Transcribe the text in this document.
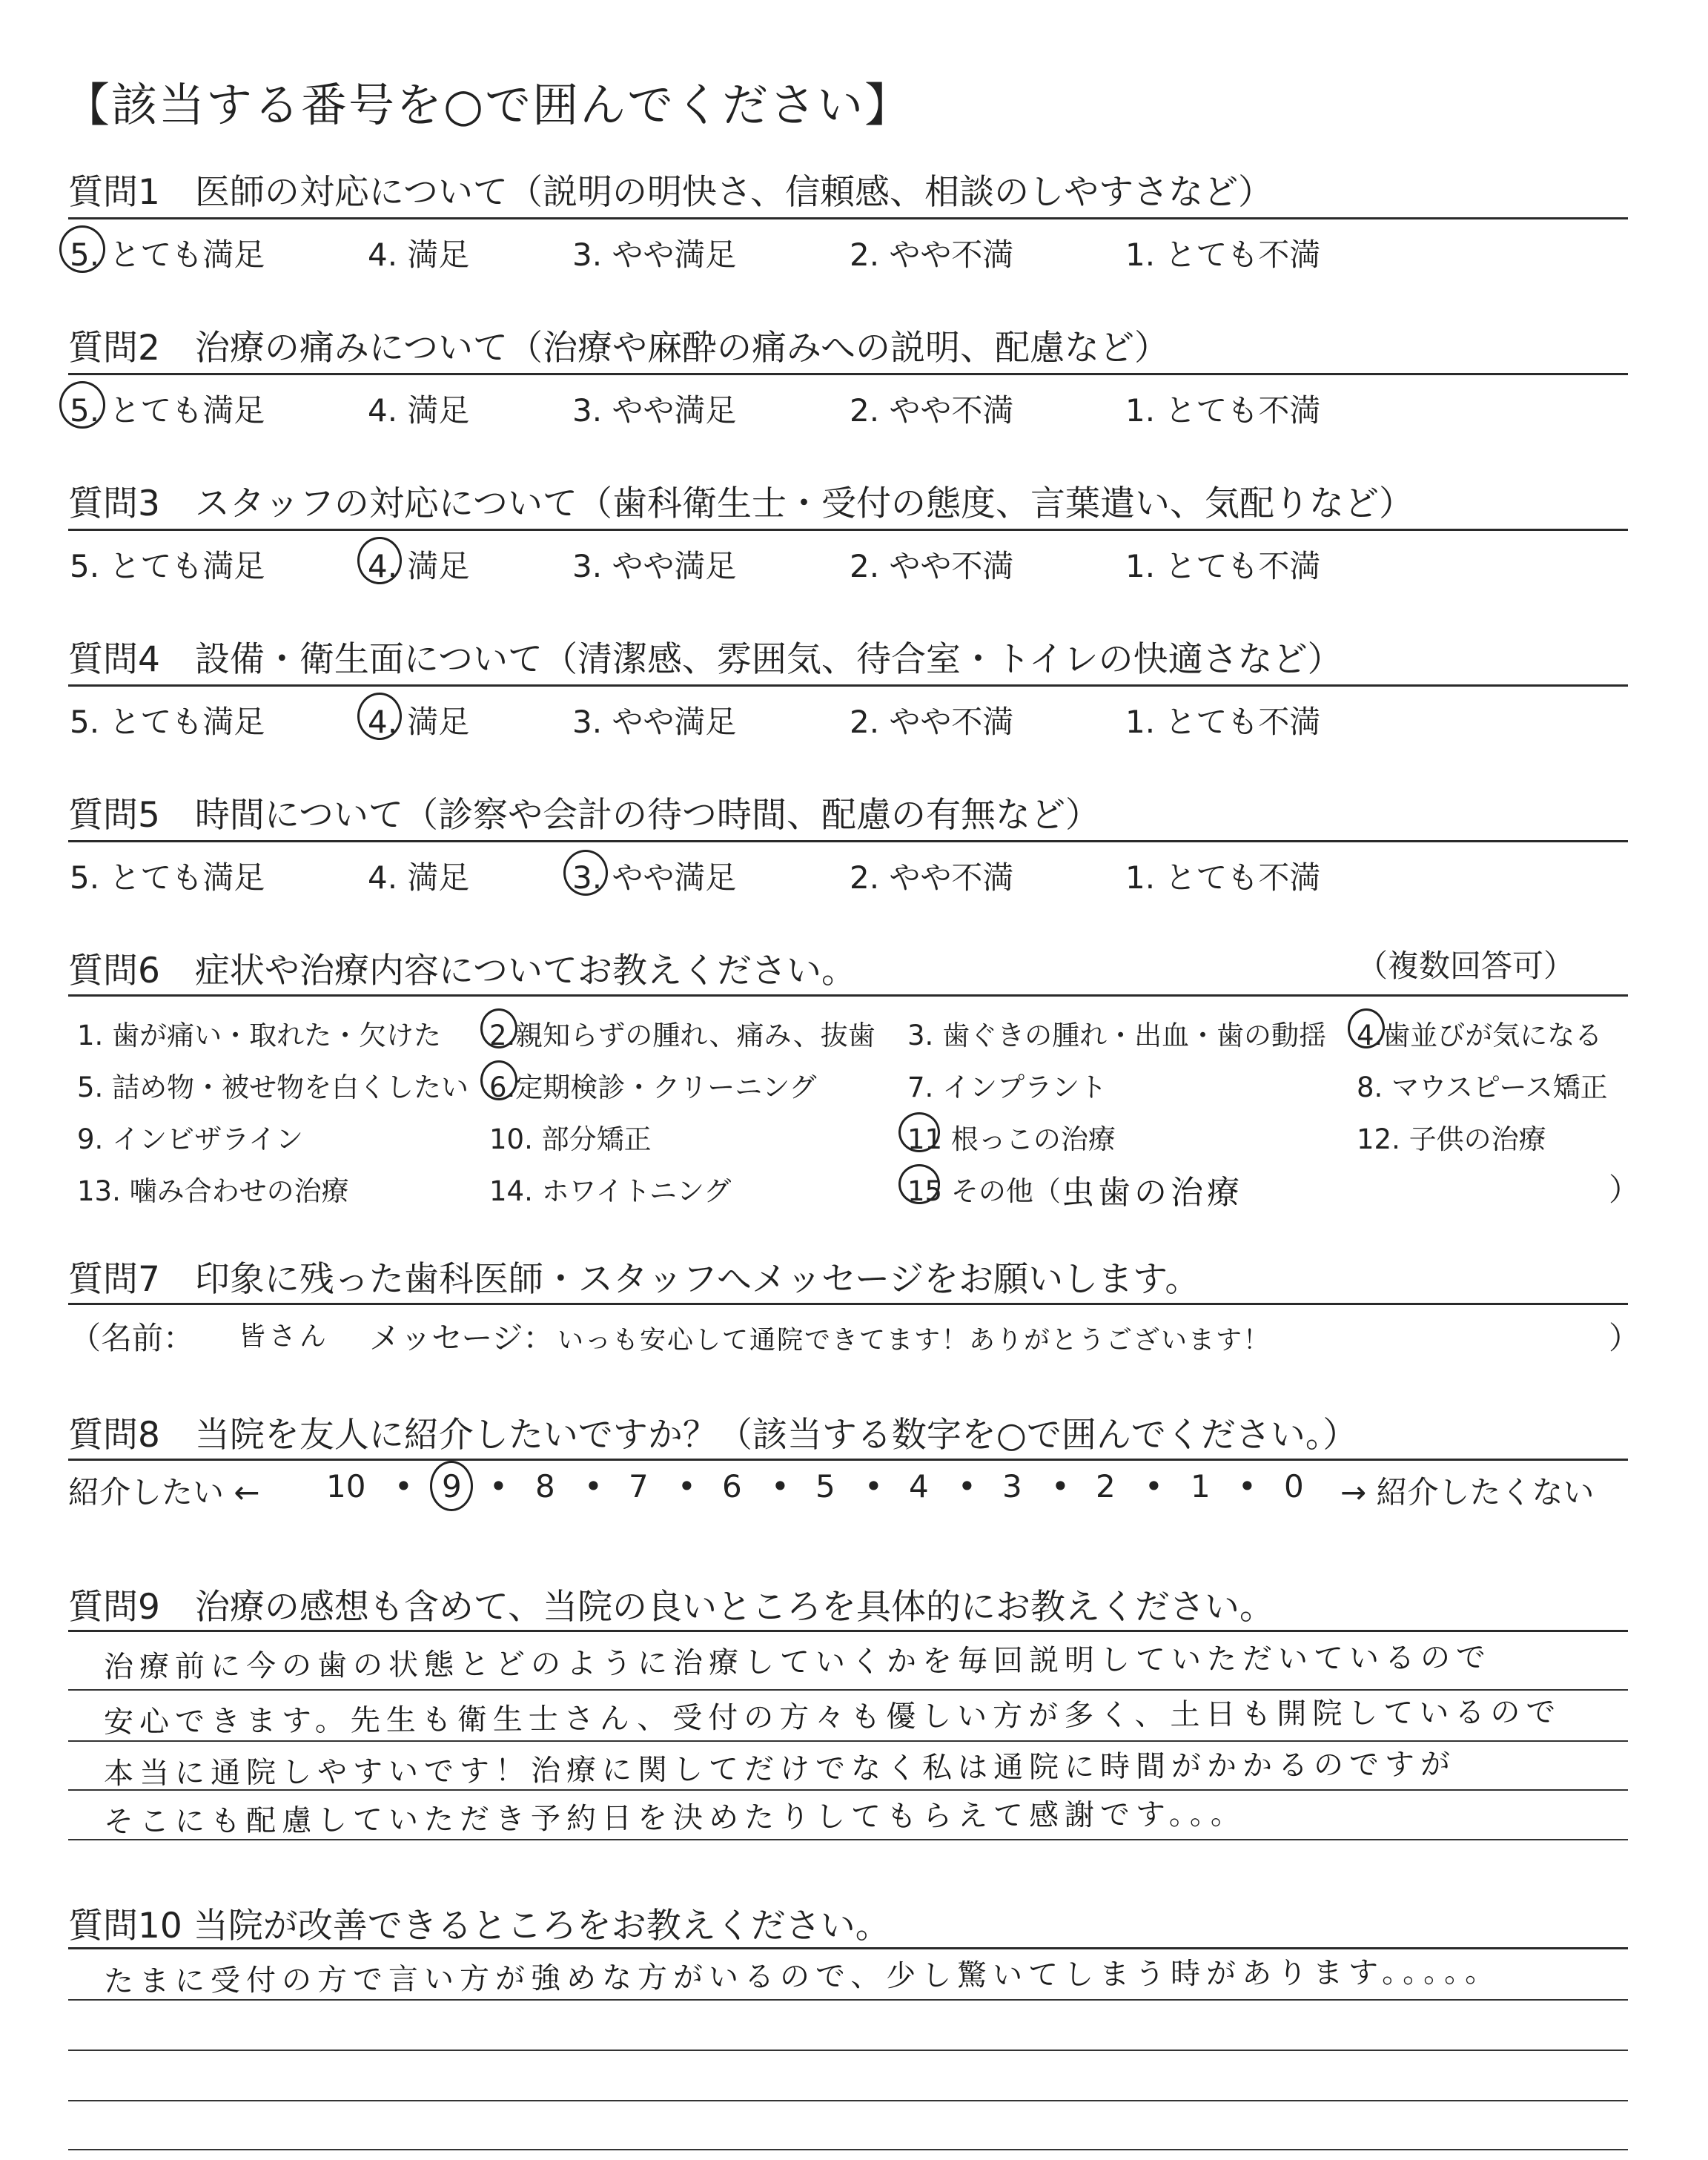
【該当する番号を○で囲んでください】
質問1　医師の対応について（説明の明快さ、信頼感、相談のしやすさなど）
5. とても満足	4. 満足	3. やや満足	2. やや不満	1. とても不満
質問2　治療の痛みについて（治療や麻酔の痛みへの説明、配慮など）
5. とても満足	4. 満足	3. やや満足	2. やや不満	1. とても不満
質問3　スタッフの対応について（歯科衛生士・受付の態度、言葉遣い、気配りなど）
5. とても満足	4. 満足	3. やや満足	2. やや不満	1. とても不満
質問4　設備・衛生面について（清潔感、雰囲気、待合室・トイレの快適さなど）
5. とても満足	4. 満足	3. やや満足	2. やや不満	1. とても不満
質問5　時間について（診察や会計の待つ時間、配慮の有無など）
5. とても満足	4. 満足	3. やや満足	2. やや不満	1. とても不満
質問6　症状や治療内容についてお教えください。	（複数回答可）
1. 歯が痛い・取れた・欠けた 2.親知らずの腫れ、痛み、抜歯 3. 歯ぐきの腫れ・出血・歯の動揺 4.歯並びが気になる
5. 詰め物・被せ物を白くしたい 6.定期検診・クリーニング	7. インプラント	8. マウスピース矯正
9. インビザライン	10. 部分矯正	11 根っこの治療	12. 子供の治療
13. 噛み合わせの治療	14. ホワイトニング	15 その他（ 虫歯の治療	）
質問7　印象に残った歯科医師・スタッフへメッセージをお願いします。
（名前： 皆さん メッセージ： いっも安心して通院できてます！ありがとうございます！	）
質問8　当院を友人に紹介したいですか？（該当する数字を○で囲んでください。）
紹介したい ← 10 • 9 • 8 • 7 • 6 • 5 • 4 • 3 • 2 • 1 • 0 → 紹介したくない
質問9　治療の感想も含めて、当院の良いところを具体的にお教えください。
治療前に今の歯の状態とどのように治療していくかを毎回説明していただいているので
安心できます。先生も衛生士さん、受付の方々も優しい方が多く、土日も開院しているので
本当に通院しやすいです！治療に関してだけでなく私は通院に時間がかかるのですが
そこにも配慮していただき予約日を決めたりしてもらえて感謝です。。。
質問10 当院が改善できるところをお教えください。
たまに受付の方で言い方が強めな方がいるので、少し驚いてしまう時があります。。。。。
